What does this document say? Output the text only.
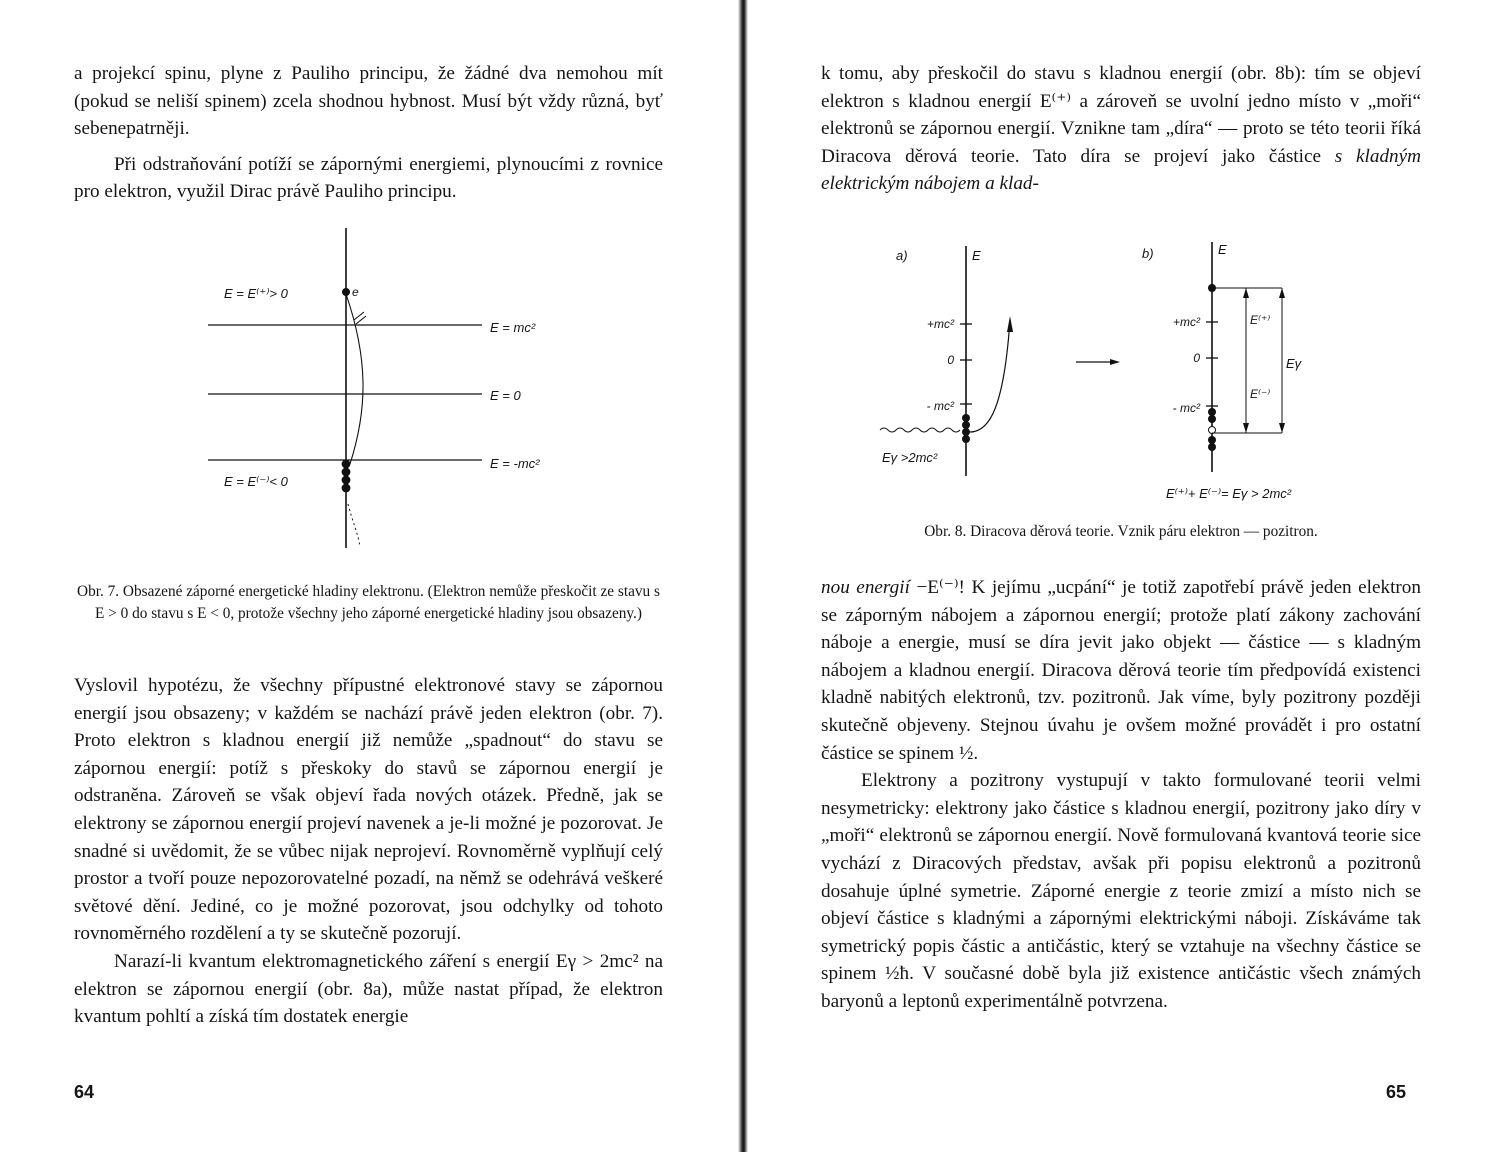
a projekcí spinu, plyne z Pauliho principu, že žádné dva nemohou mít (pokud se neliší spinem) zcela shodnou hybnost. Musí být vždy různá, byť sebenepatrněji.

Při odstraňování potíží se zápornými energiemi, plynoucími z rovnice pro elektron, využil Dirac právě Pauliho principu.

e
E = E⁽⁺⁾> 0
E = E⁽⁻⁾< 0
E = mc²
E = 0
E = -mc²
Obr. 7. Obsazené záporné energetické hladiny elektronu. (Elektron nemůže přeskočit ze stavu s E > 0 do stavu s E < 0, protože všechny jeho záporné energetické hladiny jsou obsazeny.)

Vyslovil hypotézu, že všechny přípustné elektronové stavy se zápornou energií jsou obsazeny; v každém se nachází právě jeden elektron (obr. 7). Proto elektron s kladnou energií již nemůže „spadnout“ do stavu se zápornou energií: potíž s přeskoky do stavů se zápornou energií je odstraněna. Zároveň se však objeví řada nových otázek. Předně, jak se elektrony se zápornou energií projeví navenek a je-li možné je pozorovat. Je snadné si uvědomit, že se vůbec nijak neprojeví. Rovnoměrně vyplňují celý prostor a tvoří pouze nepozorovatelné pozadí, na němž se odehrává veškeré světové dění. Jediné, co je možné pozorovat, jsou odchylky od tohoto rovnoměrného rozdělení a ty se skutečně pozorují.

Narazí-li kvantum elektromagnetického záření s energií Eγ > 2mc² na elektron se zápornou energií (obr. 8a), může nastat případ, že elektron kvantum pohltí a získá tím dostatek energie

64

k tomu, aby přeskočil do stavu s kladnou energií (obr. 8b): tím se objeví elektron s kladnou energií E⁽⁺⁾ a zároveň se uvolní jedno místo v „moři“ elektronů se zápornou energií. Vznikne tam „díra“ — proto se této teorii říká Diracova děrová teorie. Tato díra se projeví jako částice s kladným elektrickým nábojem a klad-

a)	E
+mc²
0
- mc²
Eγ >2mc²
b)	E
+mc²
0
- mc²
E⁽⁺⁾
E⁽⁻⁾
Eγ
E⁽⁺⁾+ E⁽⁻⁾= Eγ > 2mc²
Obr. 8. Diracova děrová teorie. Vznik páru elektron — pozitron.

nou energií −E⁽⁻⁾! K jejímu „ucpání“ je totiž zapotřebí právě jeden elektron se záporným nábojem a zápornou energií; protože platí zákony zachování náboje a energie, musí se díra jevit jako objekt — částice — s kladným nábojem a kladnou energií. Diracova děrová teorie tím předpovídá existenci kladně nabitých elektronů, tzv. pozitronů. Jak víme, byly pozitrony později skutečně objeveny. Stejnou úvahu je ovšem možné provádět i pro ostatní částice se spinem ½.

Elektrony a pozitrony vystupují v takto formulované teorii velmi nesymetricky: elektrony jako částice s kladnou energií, pozitrony jako díry v „moři“ elektronů se zápornou energií. Nově formulovaná kvantová teorie sice vychází z Diracových představ, avšak při popisu elektronů a pozitronů dosahuje úplné symetrie. Záporné energie z teorie zmizí a místo nich se objeví částice s kladnými a zápornými elektrickými náboji. Získáváme tak symetrický popis částic a antičástic, který se vztahuje na všechny částice se spinem ½ħ. V současné době byla již existence antičástic všech známých baryonů a leptonů experimentálně potvrzena.

65
